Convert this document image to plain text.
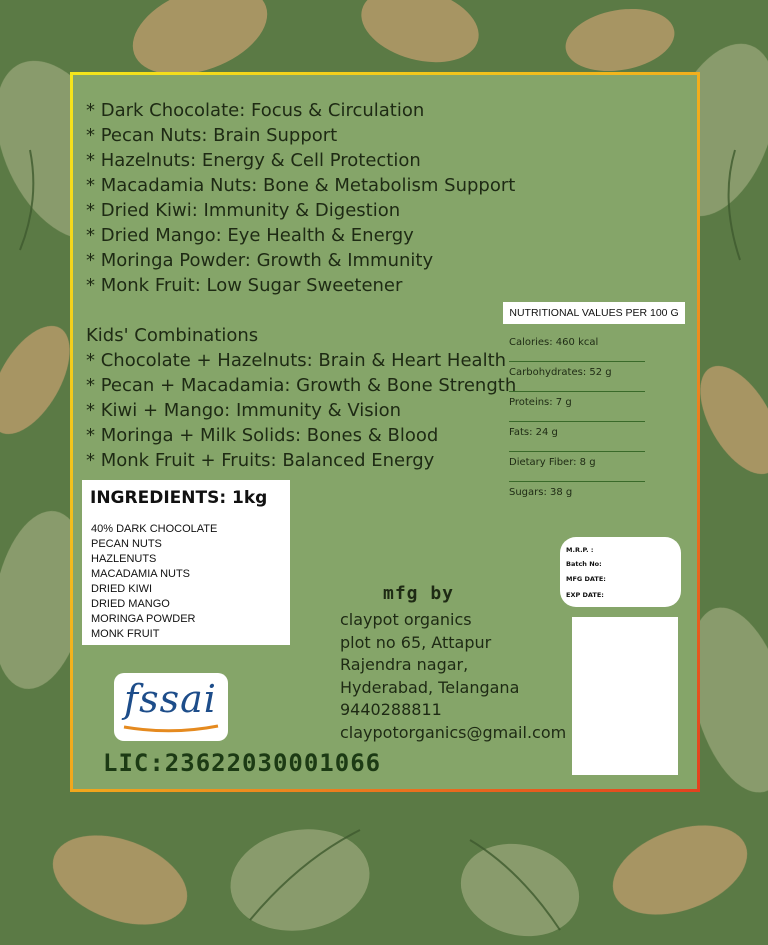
* Dark Chocolate: Focus & Circulation
* Pecan Nuts: Brain Support
* Hazelnuts: Energy & Cell Protection
* Macadamia Nuts: Bone & Metabolism Support
* Dried Kiwi: Immunity & Digestion
* Dried Mango: Eye Health & Energy
* Moringa Powder: Growth & Immunity
* Monk Fruit: Low Sugar Sweetener
Kids' Combinations
* Chocolate + Hazelnuts: Brain & Heart Health
* Pecan + Macadamia: Growth & Bone Strength
* Kiwi + Mango: Immunity & Vision
* Moringa + Milk Solids: Bones & Blood
* Monk Fruit + Fruits: Balanced Energy
INGREDIENTS: 1kg
40% DARK CHOCOLATE
PECAN NUTS
HAZLENUTS
MACADAMIA NUTS
DRIED KIWI
DRIED MANGO
MORINGA POWDER
MONK FRUIT
NUTRITIONAL VALUES PER 100 G
Calories: 460 kcal
Carbohydrates: 52 g
Proteins: 7 g
Fats: 24 g
Dietary Fiber: 8 g
Sugars: 38 g
M.R.P. :
Batch No:
MFG DATE:
EXP DATE:
mfg by
claypot organics
plot no 65, Attapur
Rajendra nagar,
Hyderabad, Telangana
9440288811
claypotorganics@gmail.com
fssai
LIC:23622030001066
